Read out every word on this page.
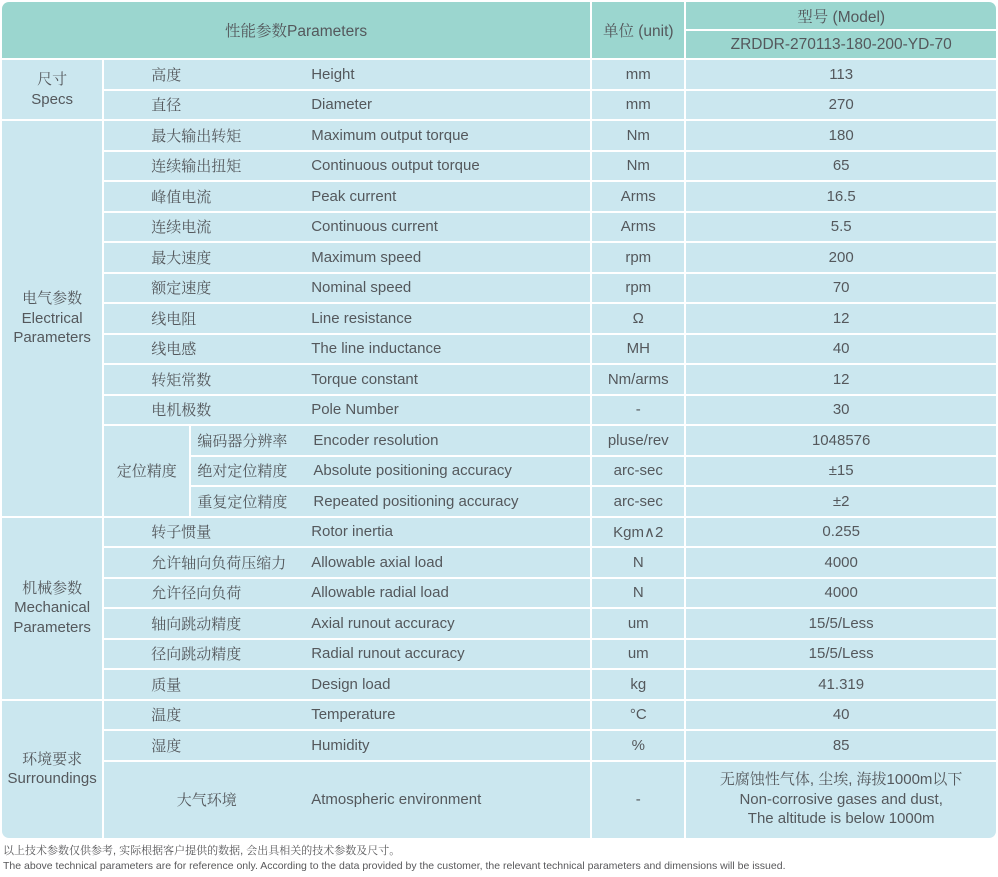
性能参数Parameters			单位 (unit)	型号 (Model)
				ZRDDR-270113-180-200-YD-70

尺寸
Specs	高度 Height		mm	113

	直径 Diameter		mm	270

电气参数
Electrical
Parameters	最大输出转矩 Maximum output torque		Nm	180

	连续输出扭矩 Continuous output torque		Nm	65

	峰值电流 Peak current		Arms	16.5

	连续电流 Continuous current		Arms	5.5

	最大速度 Maximum speed		rpm	200

	额定速度 Nominal speed		rpm	70

	线电阻 Line resistance		Ω	12

	线电感 The line inductance		MH	40

	转矩常数 Torque constant		Nm/arms	12

	电机极数 Pole Number		-	30
	定位精度	编码器分辨率 Encoder resolution	pluse/rev	1048576

		绝对定位精度 Absolute positioning accuracy	arc-sec	±15

		重复定位精度 Repeated positioning accuracy	arc-sec	±2

机械参数
Mechanical
Parameters	转子惯量 Rotor inertia		Kgm∧2	0.255

	允许轴向负荷压缩力 Allowable axial load		N	4000

	允许径向负荷 Allowable radial load		N	4000

	轴向跳动精度 Axial runout accuracy		um	15/5/Less

	径向跳动精度 Radial runout accuracy		um	15/5/Less

	质量 Design load		kg	41.319

环境要求
Surroundings	温度 Temperature		°C	40

	湿度 Humidity		%	85

	大气环境 Atmospheric environment		-	无腐蚀性气体, 尘埃, 海拔1000m以下
Non-corrosive gases and dust,
The altitude is below 1000m
以上技术参数仅供参考, 实际根据客户提供的数据, 会出具相关的技术参数及尺寸。
The above technical parameters are for reference only. According to the data provided by the customer, the relevant technical parameters and dimensions will be issued.
